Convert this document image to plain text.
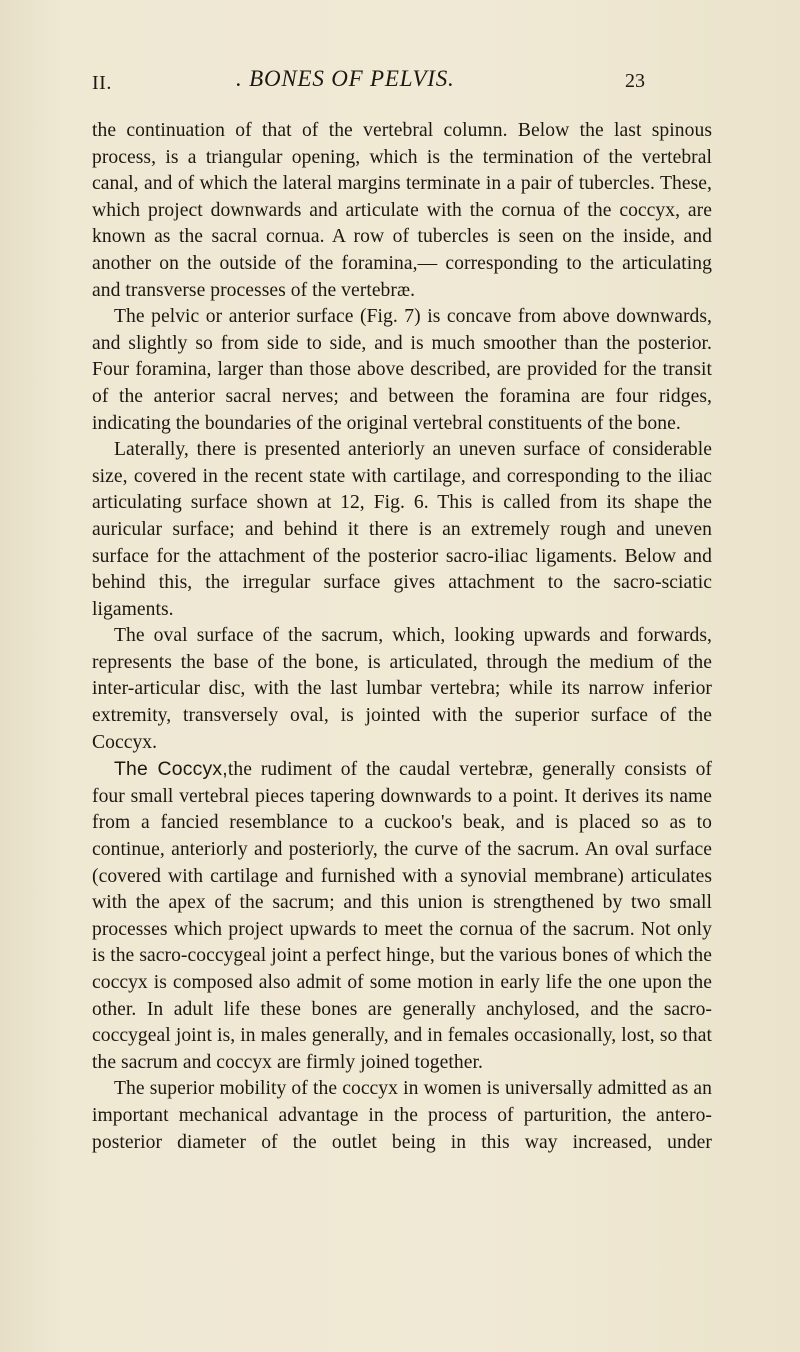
II.	. BONES OF PELVIS.	23

the continuation of that of the vertebral column. Below the last spinous process, is a triangular opening, which is the termination of the vertebral canal, and of which the lateral margins terminate in a pair of tubercles. These, which project downwards and articulate with the cornua of the coccyx, are known as the sacral cornua. A row of tubercles is seen on the inside, and another on the outside of the foramina,— corresponding to the articulating and transverse processes of the vertebræ.

The pelvic or anterior surface (Fig. 7) is concave from above downwards, and slightly so from side to side, and is much smoother than the posterior. Four foramina, larger than those above described, are provided for the transit of the anterior sacral nerves; and between the foramina are four ridges, indicating the boundaries of the original vertebral constituents of the bone.

Laterally, there is presented anteriorly an uneven surface of considerable size, covered in the recent state with cartilage, and corresponding to the iliac articulating surface shown at 12, Fig. 6. This is called from its shape the auricular surface; and behind it there is an extremely rough and uneven surface for the attachment of the posterior sacro-iliac ligaments. Below and behind this, the irregular surface gives attachment to the sacro-sciatic ligaments.

The oval surface of the sacrum, which, looking upwards and forwards, represents the base of the bone, is articulated, through the medium of the inter-articular disc, with the last lumbar vertebra; while its narrow inferior extremity, transversely oval, is jointed with the superior surface of the Coccyx.

The Coccyx,the rudiment of the caudal vertebræ, generally consists of four small vertebral pieces tapering downwards to a point. It derives its name from a fancied resemblance to a cuckoo's beak, and is placed so as to continue, anteriorly and posteriorly, the curve of the sacrum. An oval surface (covered with cartilage and furnished with a synovial membrane) articulates with the apex of the sacrum; and this union is strengthened by two small processes which project upwards to meet the cornua of the sacrum. Not only is the sacro-coccygeal joint a perfect hinge, but the various bones of which the coccyx is composed also admit of some motion in early life the one upon the other. In adult life these bones are generally anchylosed, and the sacro-coccygeal joint is, in males generally, and in females occasionally, lost, so that the sacrum and coccyx are firmly joined together.

The superior mobility of the coccyx in women is universally admitted as an important mechanical advantage in the process of parturition, the antero-posterior diameter of the outlet being in this way increased, under
